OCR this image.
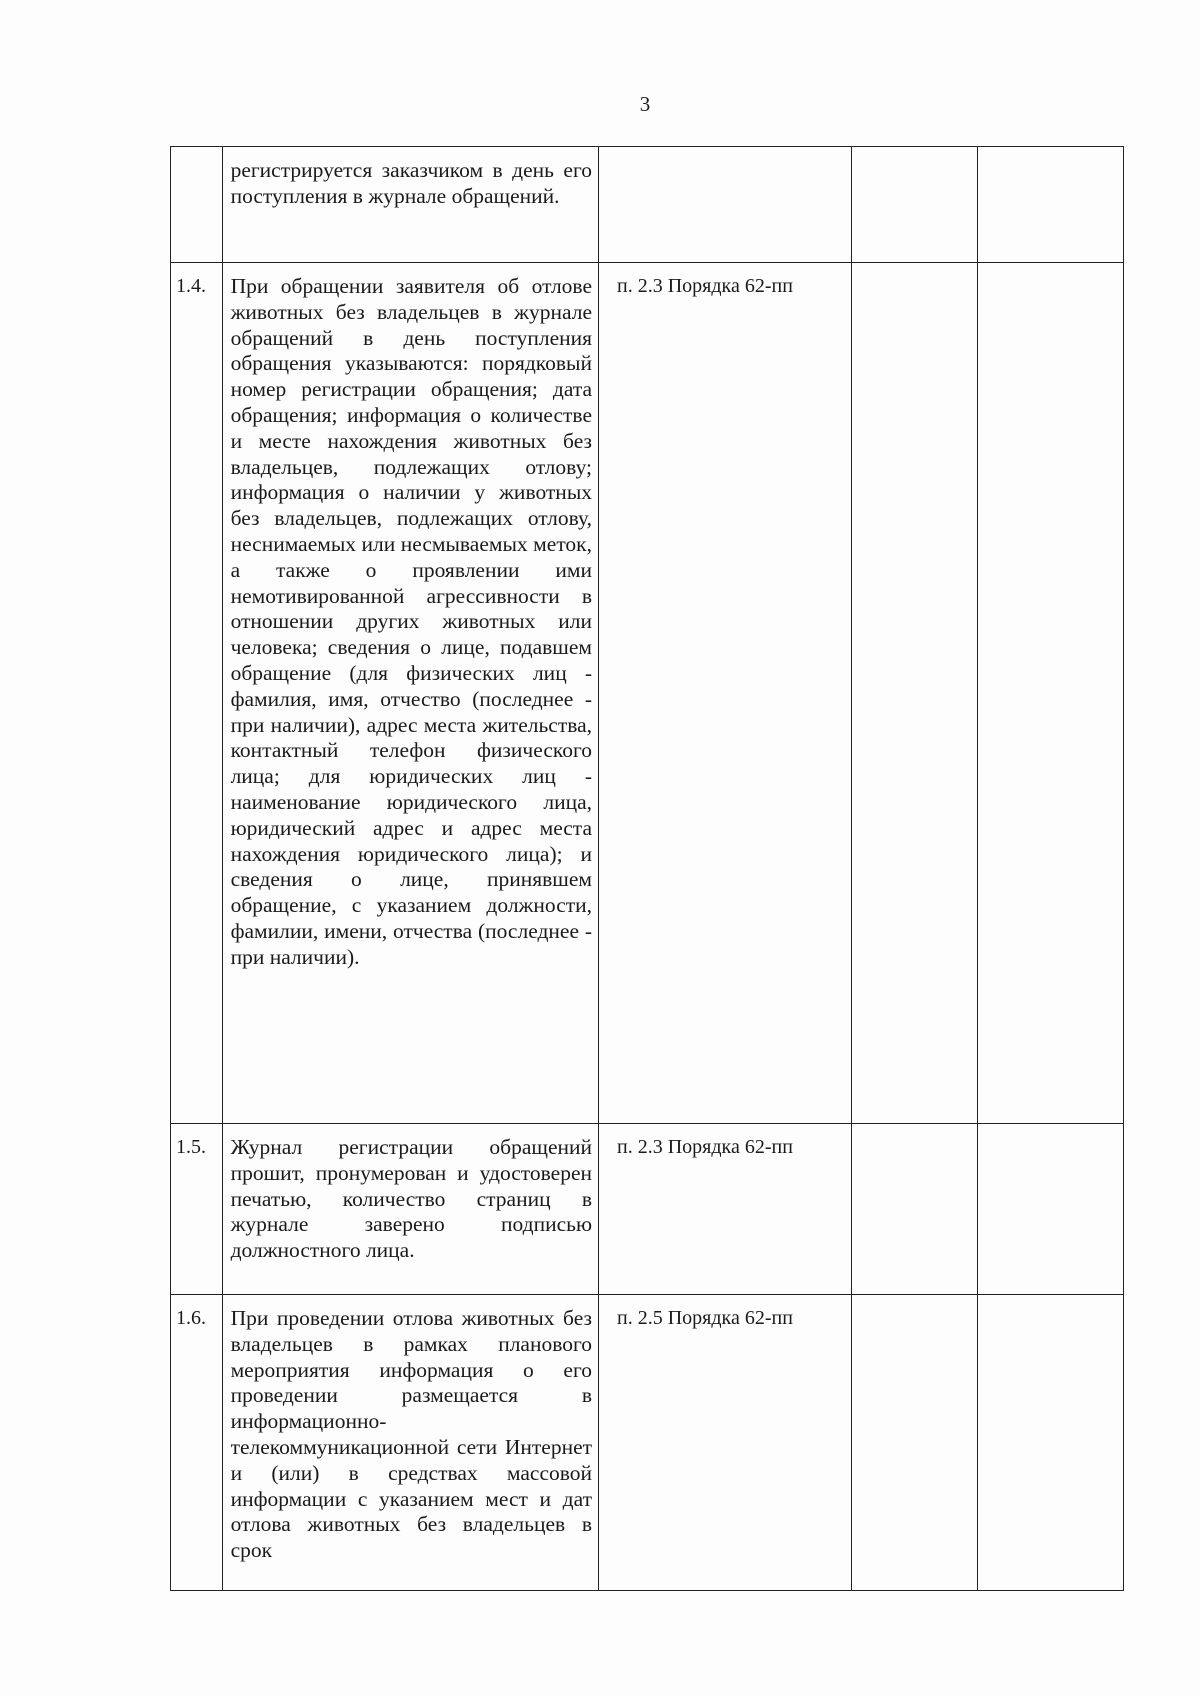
3
	регистрируется заказчиком в день его поступления в журнале обращений.			
1.4.	При обращении заявителя об отлове животных без владельцев в журнале обращений в день поступления обращения указываются: порядковый номер регистрации обращения; дата обращения; информация о количестве и месте нахождения животных без владельцев, подлежащих отлову; информация о наличии у животных без владельцев, подлежащих отлову, неснимаемых или несмываемых меток, а также о проявлении ими немотивированной агрессивности в отношении других животных или человека; сведения о лице, подавшем обращение (для физических лиц - фамилия, имя, отчество (последнее - при наличии), адрес места жительства, контактный телефон физического лица; для юридических лиц - наименование юридического лица, юридический адрес и адрес места нахождения юридического лица); и сведения о лице, принявшем обращение, с указанием должности, фамилии, имени, отчества (последнее - при наличии).	п. 2.3 Порядка 62-пп		
1.5.	Журнал регистрации обращений прошит, пронумерован и удостоверен печатью, количество страниц в журнале заверено подписью должностного лица.	п. 2.3 Порядка 62-пп		
1.6.	При проведении отлова животных без владельцев в рамках планового мероприятия информация о его проведении размещается в информационно-телекоммуникационной сети Интернет и (или) в средствах массовой информации с указанием мест и дат отлова животных без владельцев в срок	п. 2.5 Порядка 62-пп		
